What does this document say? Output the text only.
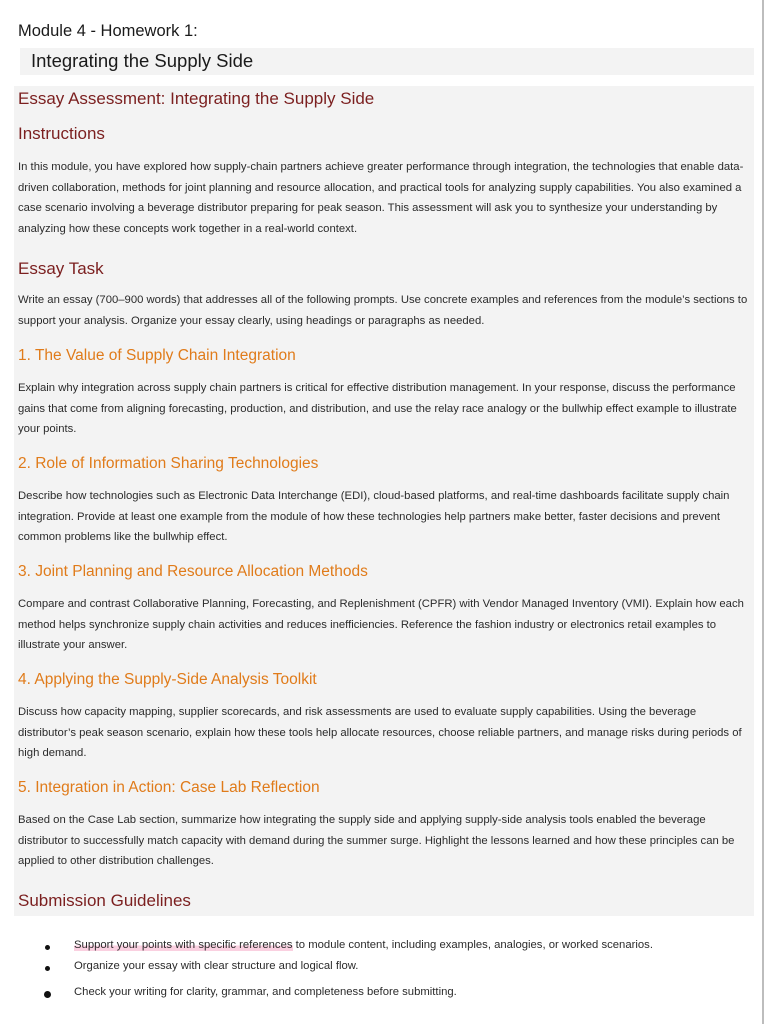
Module 4 - Homework 1:
Integrating the Supply Side
Essay Assessment: Integrating the Supply Side
Instructions

In this module, you have explored how supply-chain partners achieve greater performance through integration, the technologies that enable data-driven collaboration, methods for joint planning and resource allocation, and practical tools for analyzing supply capabilities. You also examined a case scenario involving a beverage distributor preparing for peak season. This assessment will ask you to synthesize your understanding by analyzing how these concepts work together in a real-world context.

Essay Task

Write an essay (700–900 words) that addresses all of the following prompts. Use concrete examples and references from the module’s sections to support your analysis. Organize your essay clearly, using headings or paragraphs as needed.

1. The Value of Supply Chain Integration

Explain why integration across supply chain partners is critical for effective distribution management. In your response, discuss the performance gains that come from aligning forecasting, production, and distribution, and use the relay race analogy or the bullwhip effect example to illustrate your points.

2. Role of Information Sharing Technologies

Describe how technologies such as Electronic Data Interchange (EDI), cloud-based platforms, and real-time dashboards facilitate supply chain integration. Provide at least one example from the module of how these technologies help partners make better, faster decisions and prevent common problems like the bullwhip effect.

3. Joint Planning and Resource Allocation Methods

Compare and contrast Collaborative Planning, Forecasting, and Replenishment (CPFR) with Vendor Managed Inventory (VMI). Explain how each method helps synchronize supply chain activities and reduces inefficiencies. Reference the fashion industry or electronics retail examples to illustrate your answer.

4. Applying the Supply-Side Analysis Toolkit

Discuss how capacity mapping, supplier scorecards, and risk assessments are used to evaluate supply capabilities. Using the beverage distributor’s peak season scenario, explain how these tools help allocate resources, choose reliable partners, and manage risks during periods of high demand.

5. Integration in Action: Case Lab Reflection

Based on the Case Lab section, summarize how integrating the supply side and applying supply-side analysis tools enabled the beverage distributor to successfully match capacity with demand during the summer surge. Highlight the lessons learned and how these principles can be applied to other distribution challenges.

Submission Guidelines
Support your points with specific references to module content, including examples, analogies, or worked scenarios.
Organize your essay with clear structure and logical flow.
Check your writing for clarity, grammar, and completeness before submitting.
